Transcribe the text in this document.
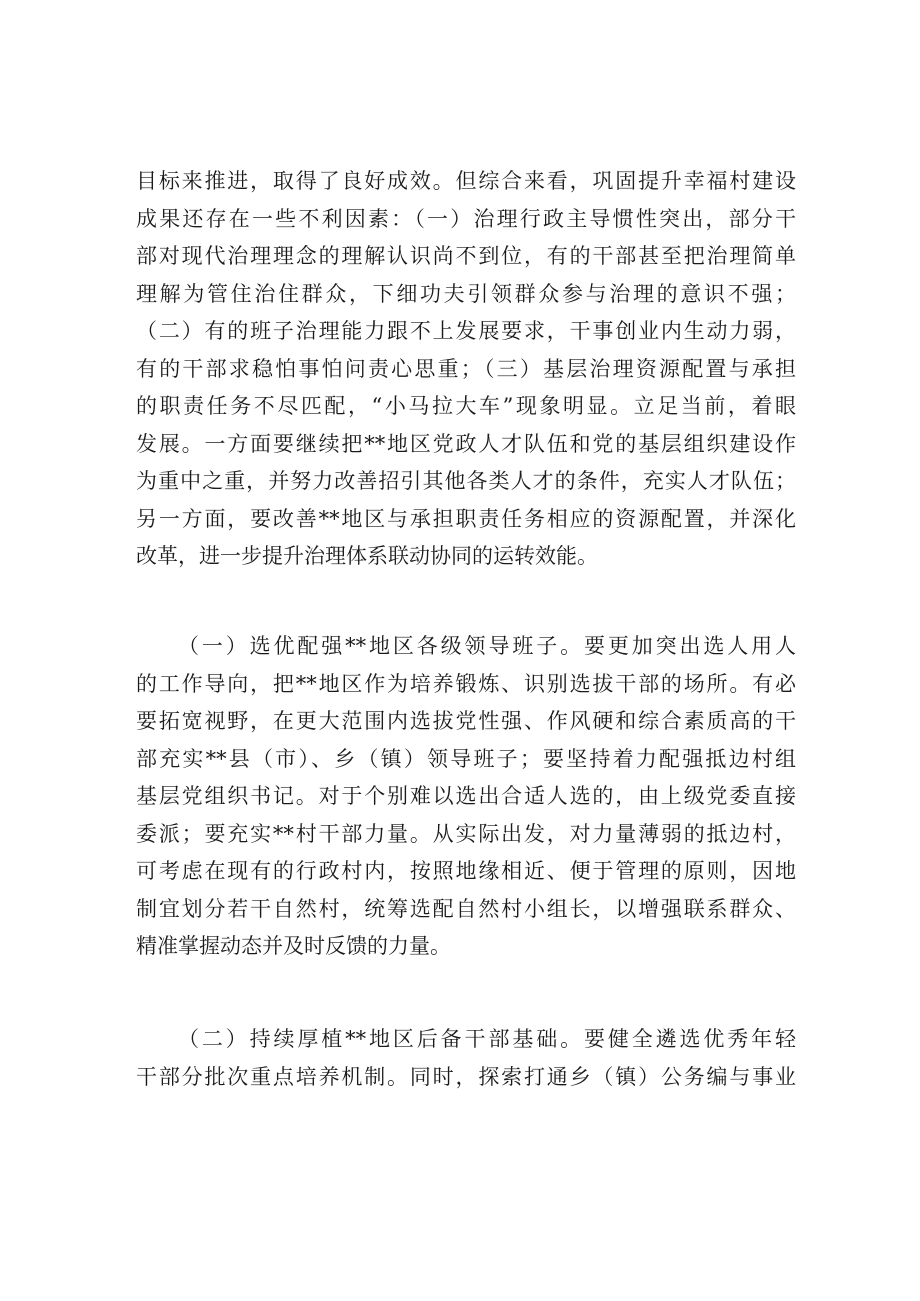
目标来推进，取得了良好成效。但综合来看，巩固提升幸福村建设
成果还存在一些不利因素：（一）治理行政主导惯性突出，部分干
部对现代治理理念的理解认识尚不到位，有的干部甚至把治理简单
理解为管住治住群众，下细功夫引领群众参与治理的意识不强；
（二）有的班子治理能力跟不上发展要求，干事创业内生动力弱，
有的干部求稳怕事怕问责心思重；（三）基层治理资源配置与承担
的职责任务不尽匹配，“小马拉大车”现象明显。立足当前，着眼
发展。一方面要继续把**地区党政人才队伍和党的基层组织建设作
为重中之重，并努力改善招引其他各类人才的条件，充实人才队伍；
另一方面，要改善**地区与承担职责任务相应的资源配置，并深化
改革，进一步提升治理体系联动协同的运转效能。
（一）选优配强**地区各级领导班子。要更加突出选人用人
的工作导向，把**地区作为培养锻炼、识别选拔干部的场所。有必
要拓宽视野，在更大范围内选拔党性强、作风硬和综合素质高的干
部充实**县（市）、乡（镇）领导班子；要坚持着力配强抵边村组
基层党组织书记。对于个别难以选出合适人选的，由上级党委直接
委派；要充实**村干部力量。从实际出发，对力量薄弱的抵边村，
可考虑在现有的行政村内，按照地缘相近、便于管理的原则，因地
制宜划分若干自然村，统筹选配自然村小组长，以增强联系群众、
精准掌握动态并及时反馈的力量。
（二）持续厚植**地区后备干部基础。要健全遴选优秀年轻
干部分批次重点培养机制。同时，探索打通乡（镇）公务编与事业
